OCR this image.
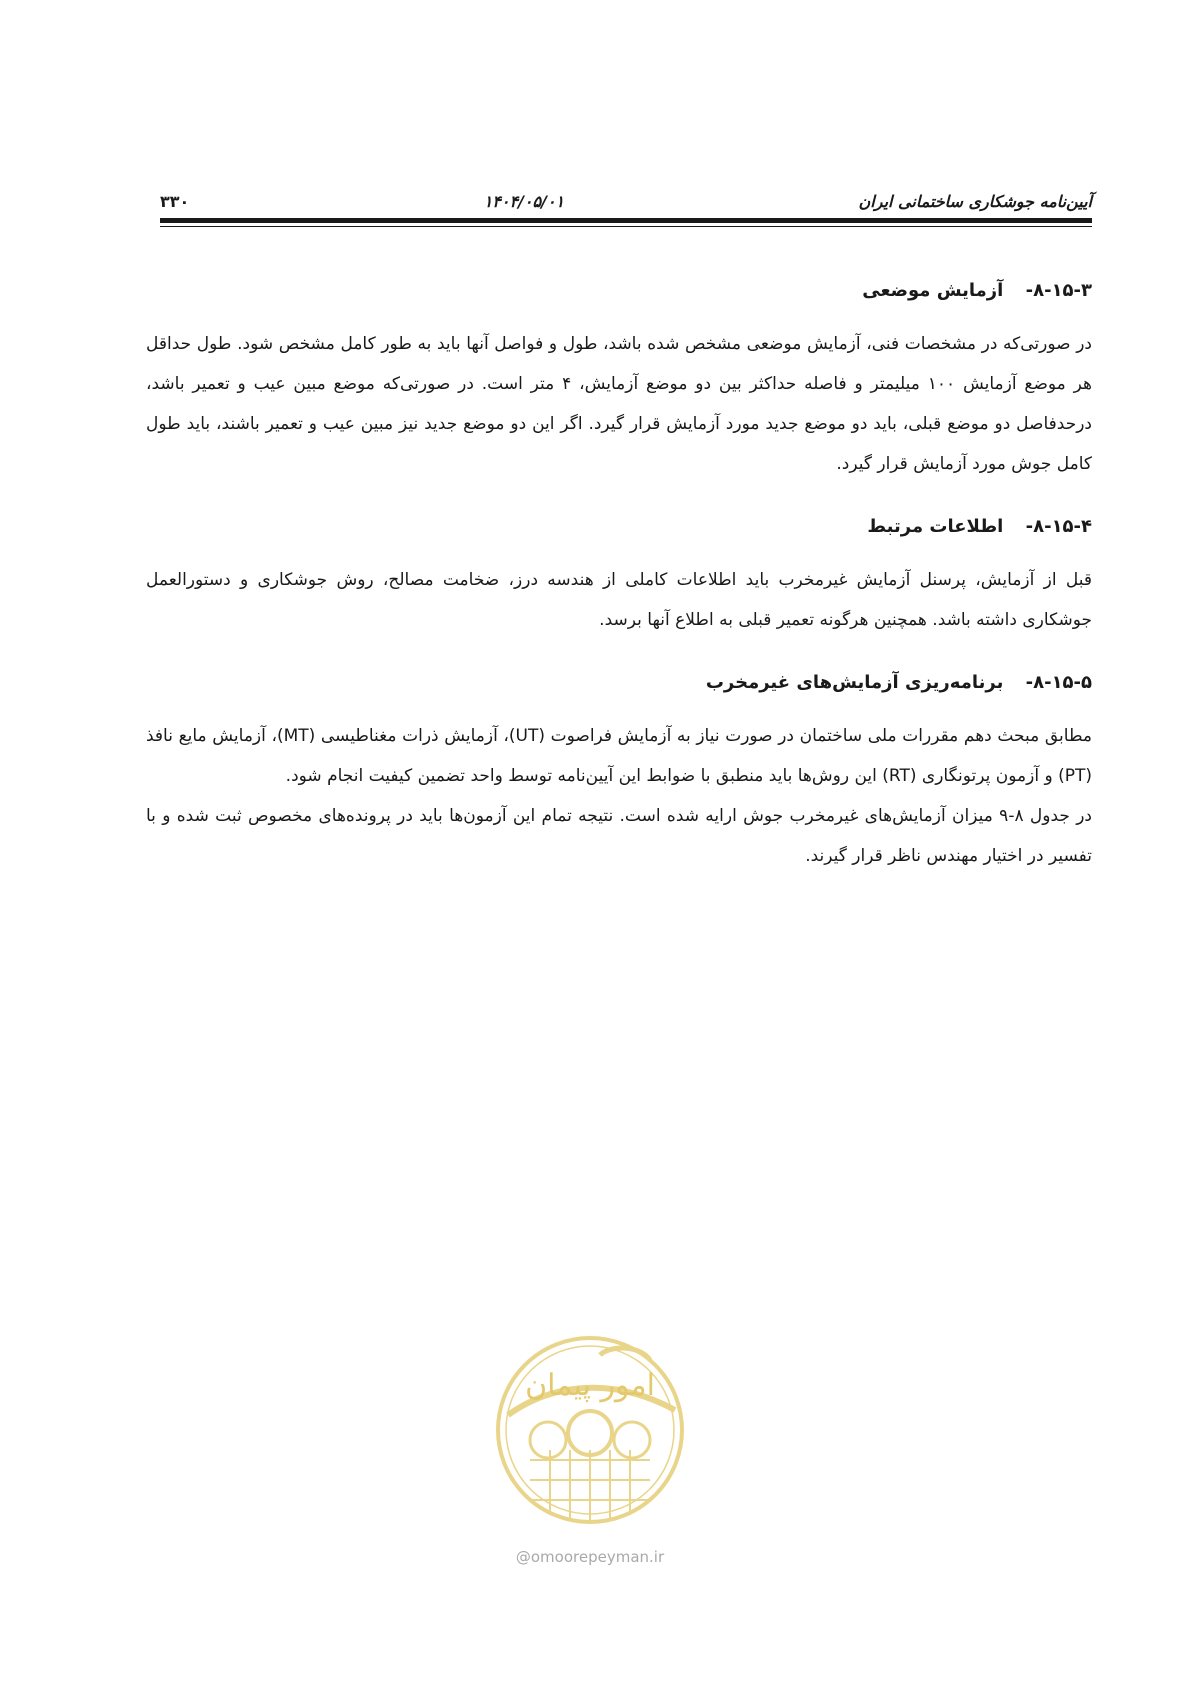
۳۳۰	۱۴۰۴/۰۵/۰۱	آیین‌نامه جوشکاری ساختمانی ایران
۸-۱۵-۳- آزمایش موضعی

در صورتی‌که در مشخصات فنی، آزمایش موضعی مشخص شده باشد، طول و فواصل آنها باید به طور کامل مشخص شود. طول حداقل هر موضع آزمایش ۱۰۰ میلیمتر و فاصله حداکثر بین دو موضع آزمایش، ۴ متر است. در صورتی‌که موضع مبین عیب و تعمیر باشد، درحدفاصل دو موضع قبلی، باید دو موضع جدید مورد آزمایش قرار گیرد. اگر این دو موضع جدید نیز مبین عیب و تعمیر باشند، باید طول کامل جوش مورد آزمایش قرار گیرد.

۸-۱۵-۴- اطلاعات مرتبط

قبل از آزمایش، پرسنل آزمایش غیرمخرب باید اطلاعات کاملی از هندسه درز، ضخامت مصالح، روش جوشکاری و دستورالعمل جوشکاری داشته باشد. همچنین هرگونه تعمیر قبلی به اطلاع آنها برسد.

۸-۱۵-۵- برنامه‌ریزی آزمایش‌های غیرمخرب

مطابق مبحث دهم مقررات ملی ساختمان در صورت نیاز به آزمایش فراصوت (UT)، آزمایش ذرات مغناطیسی (MT)، آزمایش مایع نافذ (PT) و آزمون پرتونگاری (RT) این روش‌ها باید منطبق با ضوابط این آیین‌نامه توسط واحد تضمین کیفیت انجام شود.

در جدول ۸-۹ میزان آزمایش‌های غیرمخرب جوش ارایه شده است. نتیجه تمام این آزمون‌ها باید در پرونده‌های مخصوص ثبت شده و با تفسیر در اختیار مهندس ناظر قرار گیرند.

امور پیمان
@omoorepeyman.ir
